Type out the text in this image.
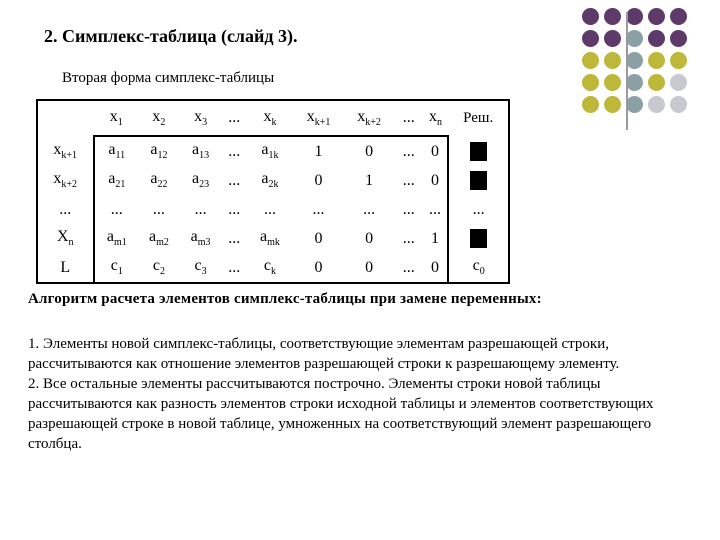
2. Симплекс-таблица (слайд 3).
Вторая форма симплекс-таблицы
	$x_1$	$x_2$	$x_3$	...	$x_k$	$x_{k+1}$	$x_{k+2}$	...	$x_n$	Реш.
$x_{k+1}$	$a_{11}$	$a_{12}$	$a_{13}$	...	$a_{1k}$	1	0	...	0	
$x_{k+2}$	$a_{21}$	$a_{22}$	$a_{23}$	...	$a_{2k}$	0	1	...	0	
...	...	...	...	...	...	...	...	...	...	...
$X_n$	$a_{m1}$	$a_{m2}$	$a_{m3}$	...	$a_{mk}$	0	0	...	1	
L	$c_1$	$c_2$	$c_3$	...	$c_k$	0	0	...	0	$c_0$
Алгоритм расчета элементов симплекс-таблицы при замене переменных:

1. Элементы новой симплекс-таблицы, соответствующие элементам разрешающей строки, рассчитываются как отношение элементов разрешающей строки к разрешающему элементу.

2. Все остальные элементы рассчитываются построчно. Элементы строки новой таблицы рассчитываются как разность элементов строки исходной таблицы и элементов соответствующих разрешающей строке в новой таблице, умноженных на соответствующий элемент разрешающего столбца.
